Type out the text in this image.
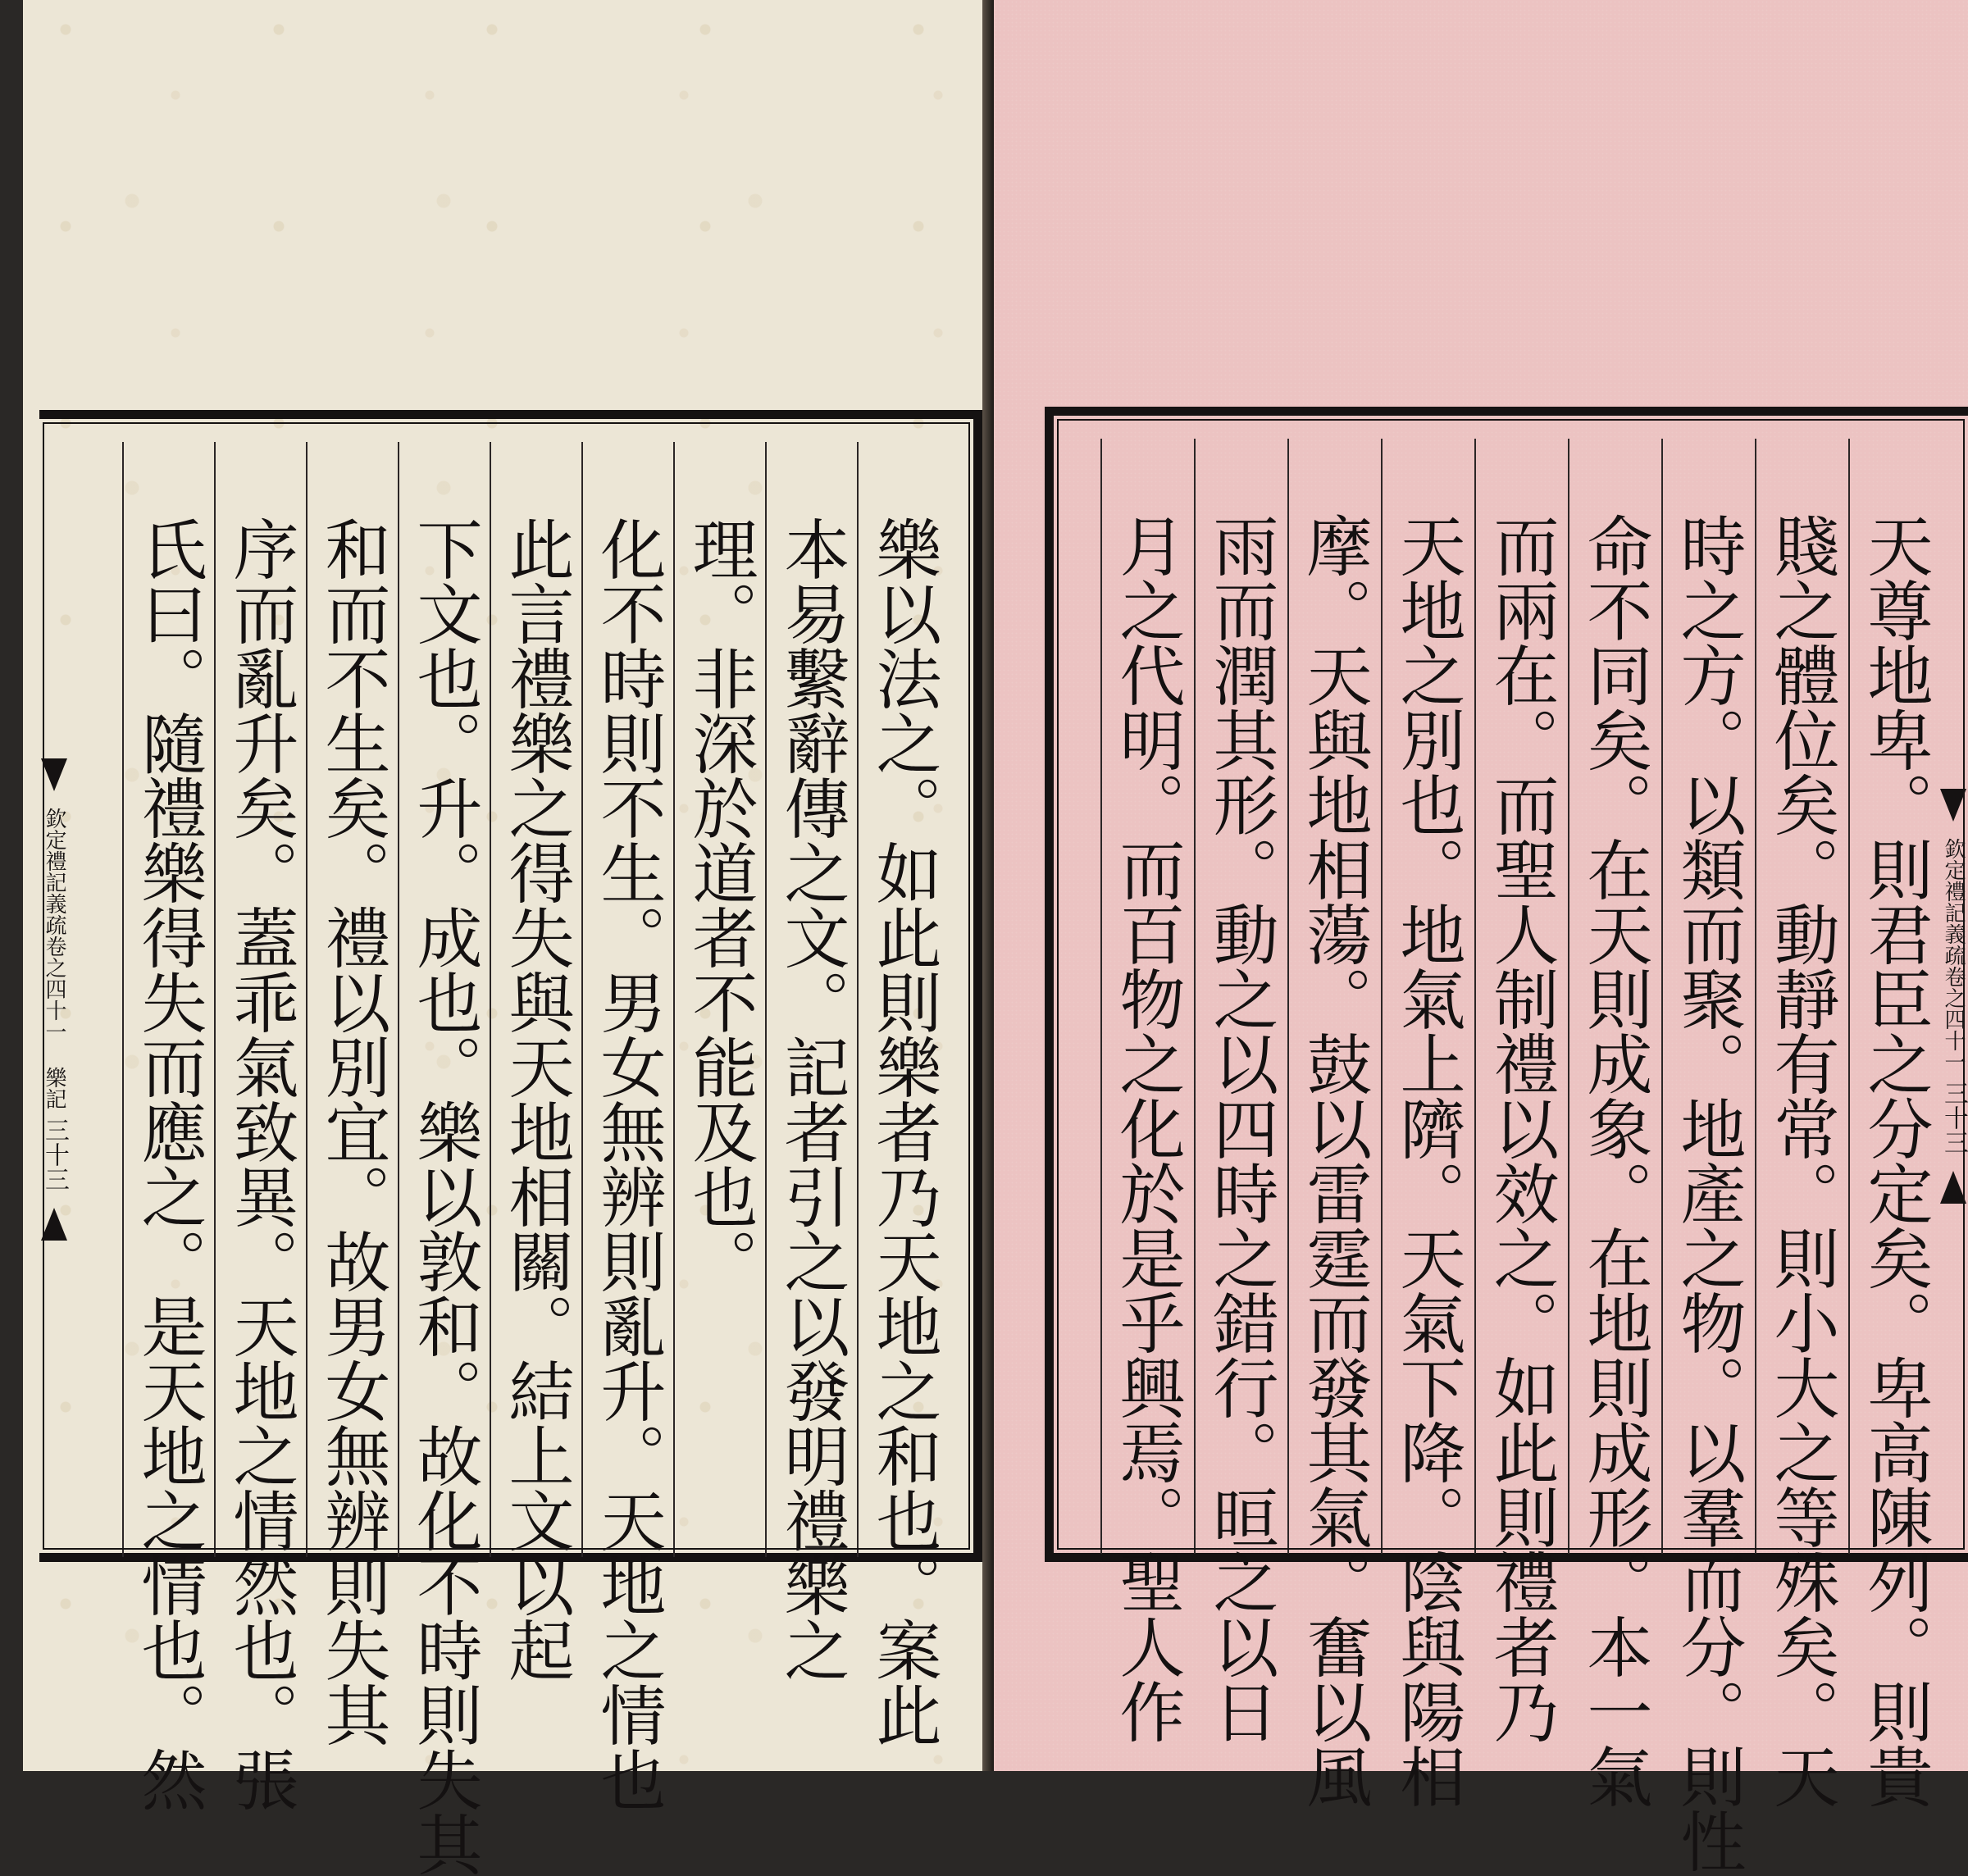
樂以法之。如此則樂者乃天地之和也。案此
本易繫辭傳之文。記者引之以發明禮樂之
理。非深於道者不能及也。
化不時則不生。男女無辨則亂升。天地之情也
此言禮樂之得失與天地相關。結上文以起
下文也。升。成也。樂以敦和。故化不時則失其
和而不生矣。禮以別宜。故男女無辨則失其
序而亂升矣。蓋乖氣致異。天地之情然也。張
氏曰。隨禮樂得失而應之。是天地之情也。然
欽定禮記義疏卷之四十一 樂記
三十三	天尊地卑。則君臣之分定矣。卑高陳列。則貴
賤之體位矣。動靜有常。則小大之等殊矣。天
時之方。以類而聚。地產之物。以羣而分。則性
命不同矣。在天則成象。在地則成形。本一氣
而兩在。而聖人制禮以效之。如此則禮者乃
天地之別也。地氣上隮。天氣下降。陰與陽相
摩。天與地相蕩。鼓以雷霆而發其氣。奮以風
雨而潤其形。動之以四時之錯行。晅之以日
月之代明。而百物之化於是乎興焉。聖人作	欽定禮記義疏卷之四十一
三十三
